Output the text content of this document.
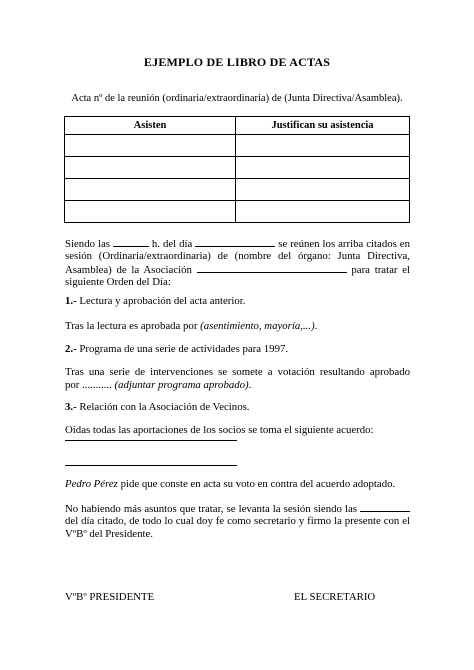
EJEMPLO DE LIBRO DE ACTAS
Acta nº de la reunión (ordinaria/extraordinaria) de (Junta Directiva/Asamblea).
Asisten	Justifican su asistencia

Siendo las	h. del día	se reúnen los arriba citados en
sesión (Ordinaria/extraordinaria) de (nombre del órgano: Junta Directiva,
Asamblea) de la Asociación	para tratar el
siguiente Orden del Día:
1.- Lectura y aprobación del acta anterior.
Tras la lectura es aprobada por (asentimiento, mayoría,...).
2.- Programa de una serie de actividades para 1997.
Tras una serie de intervenciones se somete a votación resultando aprobado
por ........... (adjuntar programa aprobado).
3.- Relación con la Asociación de Vecinos.
Oídas todas las aportaciones de los socios se toma el siguiente acuerdo:
Pedro Pérez pide que conste en acta su voto en contra del acuerdo adoptado.
No habiendo más asuntos que tratar, se levanta la sesión siendo las
del día citado, de todo lo cual doy fe como secretario y firmo la presente con el
VºBº del Presidente.
VºBº PRESIDENTE	EL SECRETARIO
